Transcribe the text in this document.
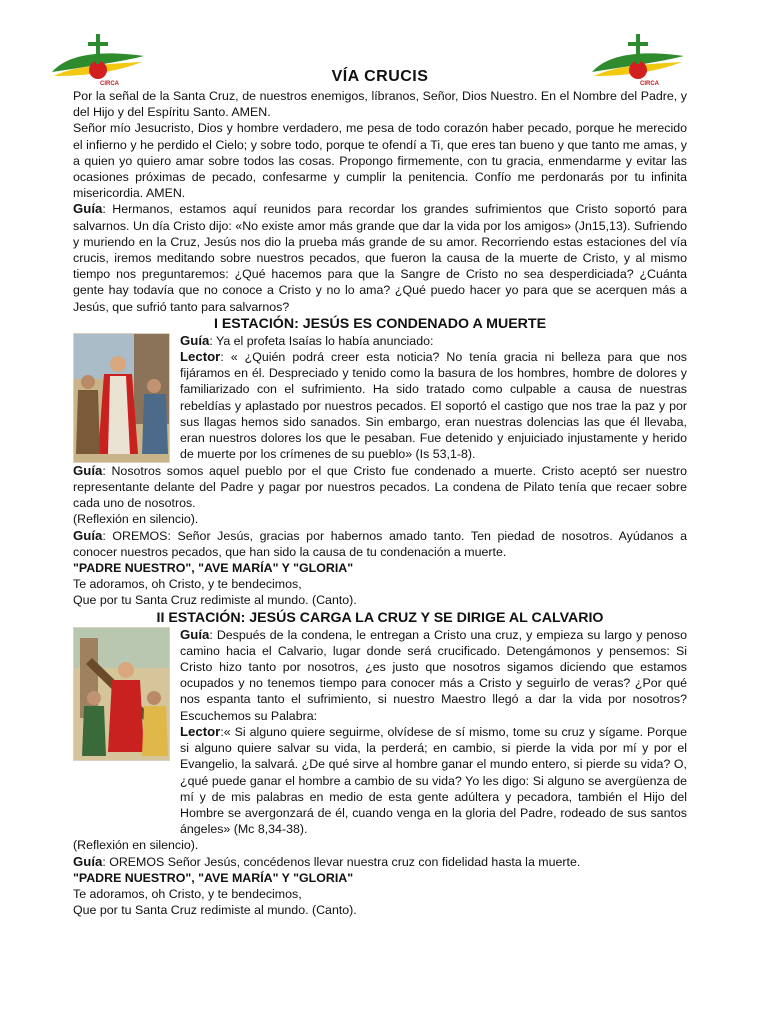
CIRCA	CIRCA
VÍA CRUCIS

Por la señal de la Santa Cruz, de nuestros enemigos, líbranos, Señor, Dios Nuestro. En el Nombre del Padre, y del Hijo y del Espíritu Santo. AMEN.

Señor mío Jesucristo, Dios y hombre verdadero, me pesa de todo corazón haber pecado, porque he merecido el infierno y he perdido el Cielo; y sobre todo, porque te ofendí a Ti, que eres tan bueno y que tanto me amas, y a quien yo quiero amar sobre todos las cosas. Propongo firmemente, con tu gracia, enmendarme y evitar las ocasiones próximas de pecado, confesarme y cumplir la penitencia. Confío me perdonarás por tu infinita misericordia. AMEN.

Guía: Hermanos, estamos aquí reunidos para recordar los grandes sufrimientos que Cristo soportó para salvarnos. Un día Cristo dijo: «No existe amor más grande que dar la vida por los amigos» (Jn15,13). Sufriendo y muriendo en la Cruz, Jesús nos dio la prueba más grande de su amor. Recorriendo estas estaciones del vía crucis, iremos meditando sobre nuestros pecados, que fueron la causa de la muerte de Cristo, y al mismo tiempo nos preguntaremos: ¿Qué hacemos para que la Sangre de Cristo no sea desperdiciada? ¿Cuánta gente hay todavía que no conoce a Cristo y no lo ama? ¿Qué puedo hacer yo para que se acerquen más a Jesús, que sufrió tanto para salvarnos?

I ESTACIÓN: JESÚS ES CONDENADO A MUERTE

Guía: Ya el profeta Isaías lo había anunciado:

Lector: « ¿Quién podrá creer esta noticia? No tenía gracia ni belleza para que nos fijáramos en él. Despreciado y tenido como la basura de los hombres, hombre de dolores y familiarizado con el sufrimiento. Ha sido tratado como culpable a causa de nuestras rebeldías y aplastado por nuestros pecados. El soportó el castigo que nos trae la paz y por sus llagas hemos sido sanados. Sin embargo, eran nuestras dolencias las que él llevaba, eran nuestros dolores los que le pesaban. Fue detenido y enjuiciado injustamente y herido de muerte por los crímenes de su pueblo» (Is 53,1-8).

Guía: Nosotros somos aquel pueblo por el que Cristo fue condenado a muerte. Cristo aceptó ser nuestro representante delante del Padre y pagar por nuestros pecados. La condena de Pilato tenía que recaer sobre cada uno de nosotros.

(Reflexión en silencio).

Guía: OREMOS: Señor Jesús, gracias por habernos amado tanto. Ten piedad de nosotros. Ayúdanos a conocer nuestros pecados, que han sido la causa de tu condenación a muerte.

"PADRE NUESTRO", "AVE MARÍA" Y "GLORIA"

Te adoramos, oh Cristo, y te bendecimos,

Que por tu Santa Cruz redimiste al mundo. (Canto).

II ESTACIÓN: JESÚS CARGA LA CRUZ Y SE DIRIGE AL CALVARIO

Guía: Después de la condena, le entregan a Cristo una cruz, y empieza su largo y penoso camino hacia el Calvario, lugar donde será crucificado. Detengámonos y pensemos: Si Cristo hizo tanto por nosotros, ¿es justo que nosotros sigamos diciendo que estamos ocupados y no tenemos tiempo para conocer más a Cristo y seguirlo de veras? ¿Por qué nos espanta tanto el sufrimiento, si nuestro Maestro llegó a dar la vida por nosotros? Escuchemos su Palabra:

Lector:« Si alguno quiere seguirme, olvídese de sí mismo, tome su cruz y sígame. Porque si alguno quiere salvar su vida, la perderá; en cambio, si pierde la vida por mí y por el Evangelio, la salvará. ¿De qué sirve al hombre ganar el mundo entero, si pierde su vida? O, ¿qué puede ganar el hombre a cambio de su vida? Yo les digo: Si alguno se avergüenza de mí y de mis palabras en medio de esta gente adúltera y pecadora, también el Hijo del Hombre se avergonzará de él, cuando venga en la gloria del Padre, rodeado de sus santos ángeles» (Mc 8,34-38).

(Reflexión en silencio).

Guía: OREMOS Señor Jesús, concédenos llevar nuestra cruz con fidelidad hasta la muerte.

"PADRE NUESTRO", "AVE MARÍA" Y "GLORIA"

Te adoramos, oh Cristo, y te bendecimos,

Que por tu Santa Cruz redimiste al mundo. (Canto).
